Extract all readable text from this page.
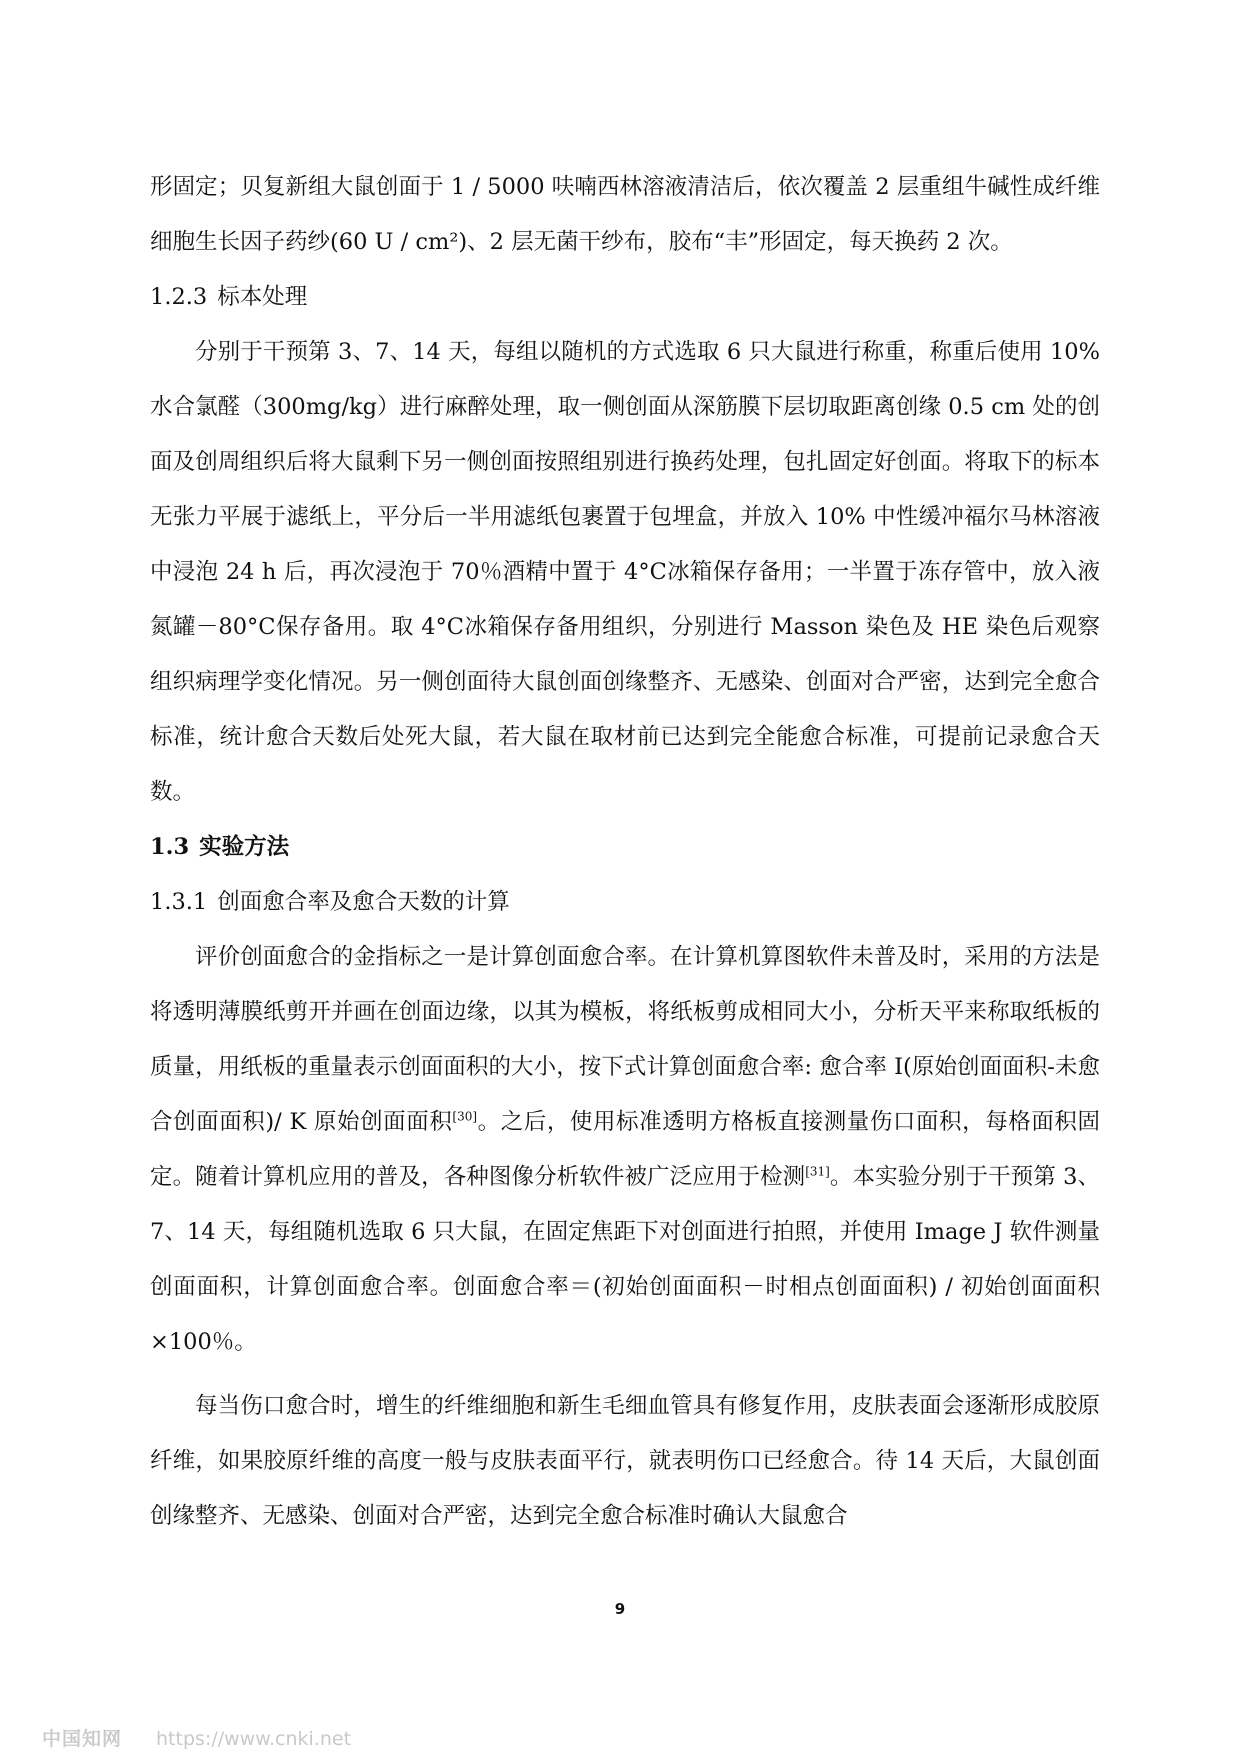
形固定；贝复新组大鼠创面于 1 / 5000 呋喃西林溶液清洁后，依次覆盖 2 层重组牛碱性成纤维细胞生长因子药纱(60 U / cm²)、2 层无菌干纱布，胶布“丰”形固定，每天换药 2 次。

1.2.3 标本处理

分别于干预第 3、7、14 天，每组以随机的方式选取 6 只大鼠进行称重，称重后使用 10%水合氯醛（300mg/kg）进行麻醉处理，取一侧创面从深筋膜下层切取距离创缘 0.5 cm 处的创面及创周组织后将大鼠剩下另一侧创面按照组别进行换药处理，包扎固定好创面。将取下的标本无张力平展于滤纸上，平分后一半用滤纸包裹置于包埋盒，并放入 10% 中性缓冲福尔马林溶液中浸泡 24 h 后，再次浸泡于 70％酒精中置于 4°C冰箱保存备用；一半置于冻存管中，放入液氮罐－80°C保存备用。取 4°C冰箱保存备用组织，分别进行 Masson 染色及 HE 染色后观察组织病理学变化情况。另一侧创面待大鼠创面创缘整齐、无感染、创面对合严密，达到完全愈合标准，统计愈合天数后处死大鼠，若大鼠在取材前已达到完全能愈合标准，可提前记录愈合天数。

1.3 实验方法

1.3.1 创面愈合率及愈合天数的计算

评价创面愈合的金指标之一是计算创面愈合率。在计算机算图软件未普及时，采用的方法是将透明薄膜纸剪开并画在创面边缘，以其为模板，将纸板剪成相同大小，分析天平来称取纸板的质量，用纸板的重量表示创面面积的大小，按下式计算创面愈合率: 愈合率 I(原始创面面积-未愈合创面面积)/ K 原始创面面积[30]。之后，使用标准透明方格板直接测量伤口面积，每格面积固定。随着计算机应用的普及，各种图像分析软件被广泛应用于检测[31]。本实验分别于干预第 3、7、14 天，每组随机选取 6 只大鼠，在固定焦距下对创面进行拍照，并使用 Image J 软件测量创面面积，计算创面愈合率。创面愈合率＝(初始创面面积－时相点创面面积) / 初始创面面积×100％。

每当伤口愈合时，增生的纤维细胞和新生毛细血管具有修复作用，皮肤表面会逐渐形成胶原纤维，如果胶原纤维的高度一般与皮肤表面平行，就表明伤口已经愈合。待 14 天后，大鼠创面创缘整齐、无感染、创面对合严密，达到完全愈合标准时确认大鼠愈合

9
中国知网 https://www.cnki.net
